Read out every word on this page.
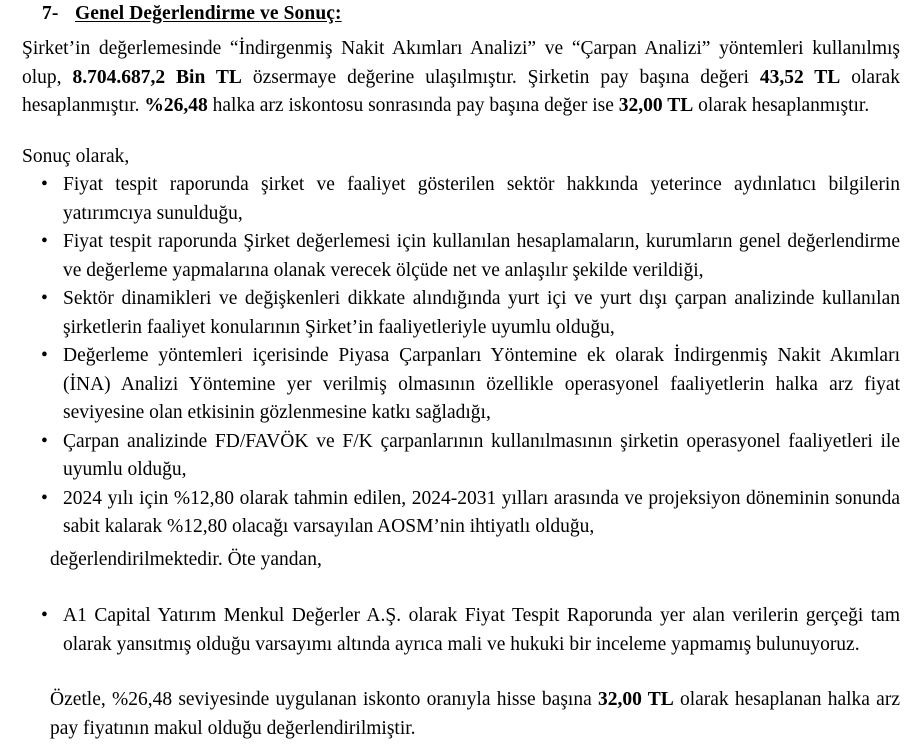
7- Genel Değerlendirme ve Sonuç:
Şirket’in değerlemesinde “İndirgenmiş Nakit Akımları Analizi” ve “Çarpan Analizi” yöntemleri kullanılmış olup, 8.704.687,2 Bin TL özsermaye değerine ulaşılmıştır. Şirketin pay başına değeri 43,52 TL olarak hesaplanmıştır. %26,48 halka arz iskontosu sonrasında pay başına değer ise 32,00 TL olarak hesaplanmıştır.
Sonuç olarak,
•
Fiyat tespit raporunda şirket ve faaliyet gösterilen sektör hakkında yeterince aydınlatıcı bilgilerin yatırımcıya sunulduğu,
•
Fiyat tespit raporunda Şirket değerlemesi için kullanılan hesaplamaların, kurumların genel değerlendirme ve değerleme yapmalarına olanak verecek ölçüde net ve anlaşılır şekilde verildiği,
•
Sektör dinamikleri ve değişkenleri dikkate alındığında yurt içi ve yurt dışı çarpan analizinde kullanılan şirketlerin faaliyet konularının Şirket’in faaliyetleriyle uyumlu olduğu,
•
Değerleme yöntemleri içerisinde Piyasa Çarpanları Yöntemine ek olarak İndirgenmiş Nakit Akımları (İNA) Analizi Yöntemine yer verilmiş olmasının özellikle operasyonel faaliyetlerin halka arz fiyat seviyesine olan etkisinin gözlenmesine katkı sağladığı,
•
Çarpan analizinde FD/FAVÖK ve F/K çarpanlarının kullanılmasının şirketin operasyonel faaliyetleri ile uyumlu olduğu,
•
2024 yılı için %12,80 olarak tahmin edilen, 2024-2031 yılları arasında ve projeksiyon döneminin sonunda sabit kalarak %12,80 olacağı varsayılan AOSM’nin ihtiyatlı olduğu,
değerlendirilmektedir. Öte yandan,
•
A1 Capital Yatırım Menkul Değerler A.Ş. olarak Fiyat Tespit Raporunda yer alan verilerin gerçeği tam olarak yansıtmış olduğu varsayımı altında ayrıca mali ve hukuki bir inceleme yapmamış bulunuyoruz.
Özetle, %26,48 seviyesinde uygulanan iskonto oranıyla hisse başına 32,00 TL olarak hesaplanan halka arz pay fiyatının makul olduğu değerlendirilmiştir.
